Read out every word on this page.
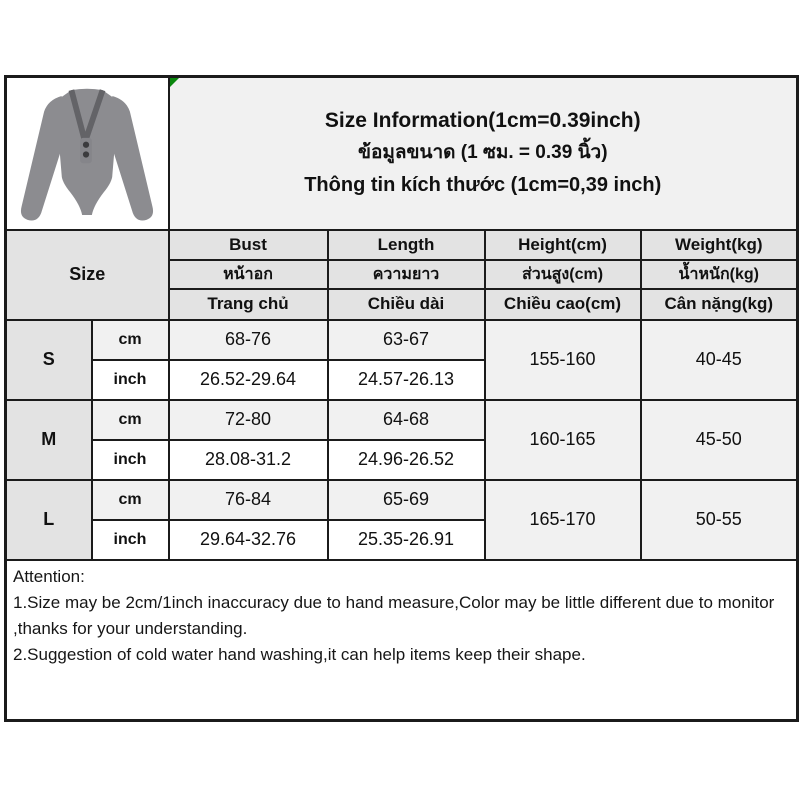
Size Information(1cm=0.39inch)
ข้อมูลขนาด (1 ซม. = 0.39 นิ้ว)
Thông tin kích thước (1cm=0,39 inch)			

Size		Bust	Length	Height(cm)	Weight(kg)
		หน้าอก	ความยาว	ส่วนสูง(cm)	น้ำหนัก(kg)
		Trang chủ	Chiều dài	Chiều cao(cm)	Cân nặng(kg)
S	cm	68-76	63-67	155-160	40-45
	inch	26.52-29.64	24.57-26.13		
M	cm	72-80	64-68	160-165	45-50
	inch	28.08-31.2	24.96-26.52		
L	cm	76-84	65-69	165-170	50-55
	inch	29.64-32.76	25.35-26.91		

Attention:

1.Size may be 2cm/1inch inaccuracy due to hand measure,Color may be little different due to monitor ,thanks for your understanding.

2.Suggestion of cold water hand washing,it can help items keep their shape.					
